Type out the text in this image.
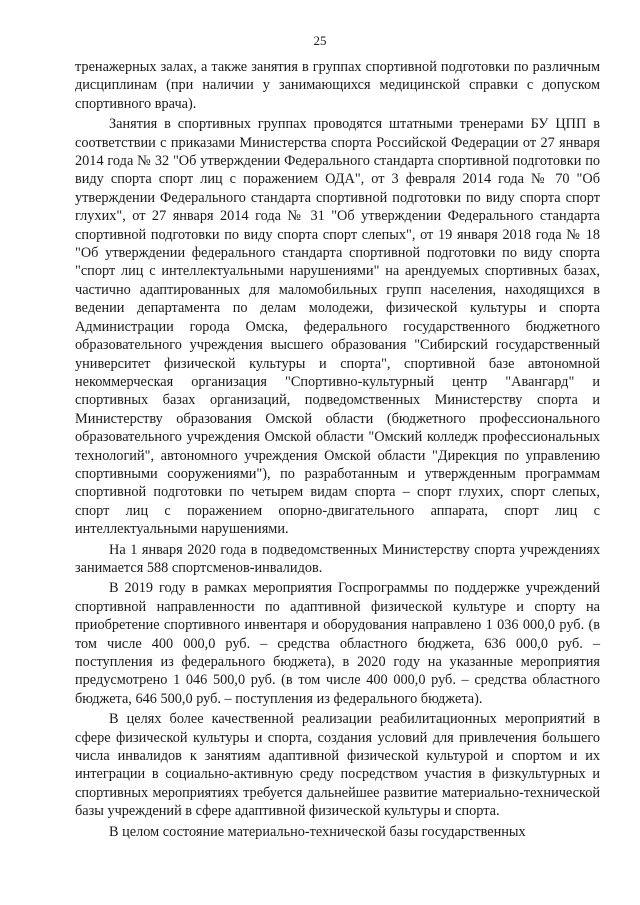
25

тренажерных залах, а также занятия в группах спортивной подготовки по различным дисциплинам (при наличии у занимающихся медицинской справки с допуском спортивного врача).

Занятия в спортивных группах проводятся штатными тренерами БУ ЦПП в соответствии с приказами Министерства спорта Российской Федерации от 27 января 2014 года № 32 "Об утверждении Федерального стандарта спортивной подготовки по виду спорта спорт лиц с поражением ОДА", от 3 февраля 2014 года № 70 "Об утверждении Федерального стандарта спортивной подготовки по виду спорта спорт глухих", от 27 января 2014 года № 31 "Об утверждении Федерального стандарта спортивной подготовки по виду спорта спорт слепых", от 19 января 2018 года № 18 "Об утверждении федерального стандарта спортивной подготовки по виду спорта "спорт лиц с интеллектуальными нарушениями" на арендуемых спортивных базах, частично адаптированных для маломобильных групп населения, находящихся в ведении департамента по делам молодежи, физической культуры и спорта Администрации города Омска, федерального государственного бюджетного образовательного учреждения высшего образования "Сибирский государственный университет физической культуры и спорта", спортивной базе автономной некоммерческая организация "Спортивно-культурный центр "Авангард" и спортивных базах организаций, подведомственных Министерству спорта и Министерству образования Омской области (бюджетного профессионального образовательного учреждения Омской области "Омский колледж профессиональных технологий", автономного учреждения Омской области "Дирекция по управлению спортивными сооружениями"), по разработанным и утвержденным программам спортивной подготовки по четырем видам спорта – спорт глухих, спорт слепых, спорт лиц с поражением опорно-двигательного аппарата, спорт лиц с интеллектуальными нарушениями.

На 1 января 2020 года в подведомственных Министерству спорта учреждениях занимается 588 спортсменов-инвалидов.

В 2019 году в рамках мероприятия Госпрограммы по поддержке учреждений спортивной направленности по адаптивной физической культуре и спорту на приобретение спортивного инвентаря и оборудования направлено 1 036 000,0 руб. (в том числе 400 000,0 руб. – средства областного бюджета, 636 000,0 руб. – поступления из федерального бюджета), в 2020 году на указанные мероприятия предусмотрено 1 046 500,0 руб. (в том числе 400 000,0 руб. – средства областного бюджета, 646 500,0 руб. – поступления из федерального бюджета).

В целях более качественной реализации реабилитационных мероприятий в сфере физической культуры и спорта, создания условий для привлечения большего числа инвалидов к занятиям адаптивной физической культурой и спортом и их интеграции в социально-активную среду посредством участия в физкультурных и спортивных мероприятиях требуется дальнейшее развитие материально-технической базы учреждений в сфере адаптивной физической культуры и спорта.

В целом состояние материально-технической базы государственных
